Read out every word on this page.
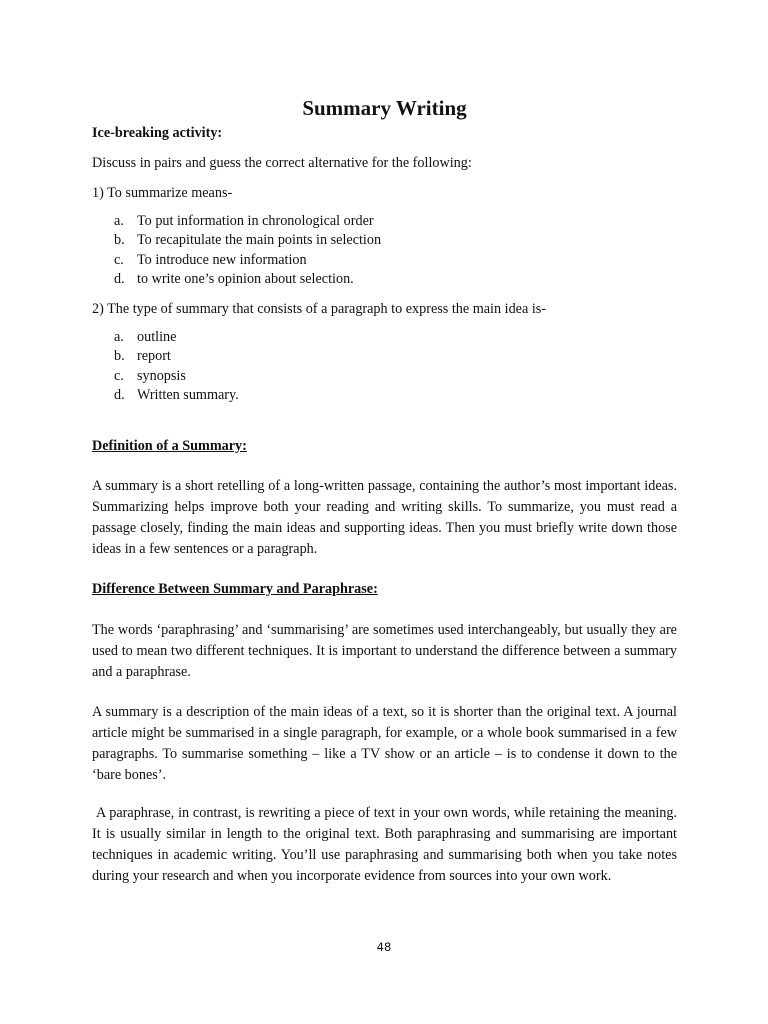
Summary Writing
Ice-breaking activity:
Discuss in pairs and guess the correct alternative for the following:
1) To summarize means-
a. To put information in chronological order
b. To recapitulate the main points in selection
c. To introduce new information
d. to write one’s opinion about selection.
2) The type of summary that consists of a paragraph to express the main idea is-
a. outline
b. report
c. synopsis
d. Written summary.
Definition of a Summary:
A summary is a short retelling of a long-written passage, containing the author’s most important ideas. Summarizing helps improve both your reading and writing skills. To summarize, you must read a passage closely, finding the main ideas and supporting ideas. Then you must briefly write down those ideas in a few sentences or a paragraph.
Difference Between Summary and Paraphrase:
The words ‘paraphrasing’ and ‘summarising’ are sometimes used interchangeably, but usually they are used to mean two different techniques. It is important to understand the difference between a summary and a paraphrase.
A summary is a description of the main ideas of a text, so it is shorter than the original text. A journal article might be summarised in a single paragraph, for example, or a whole book summarised in a few paragraphs. To summarise something – like a TV show or an article – is to condense it down to the ‘bare bones’.
A paraphrase, in contrast, is rewriting a piece of text in your own words, while retaining the meaning. It is usually similar in length to the original text. Both paraphrasing and summarising are important techniques in academic writing. You’ll use paraphrasing and summarising both when you take notes during your research and when you incorporate evidence from sources into your own work.
48
